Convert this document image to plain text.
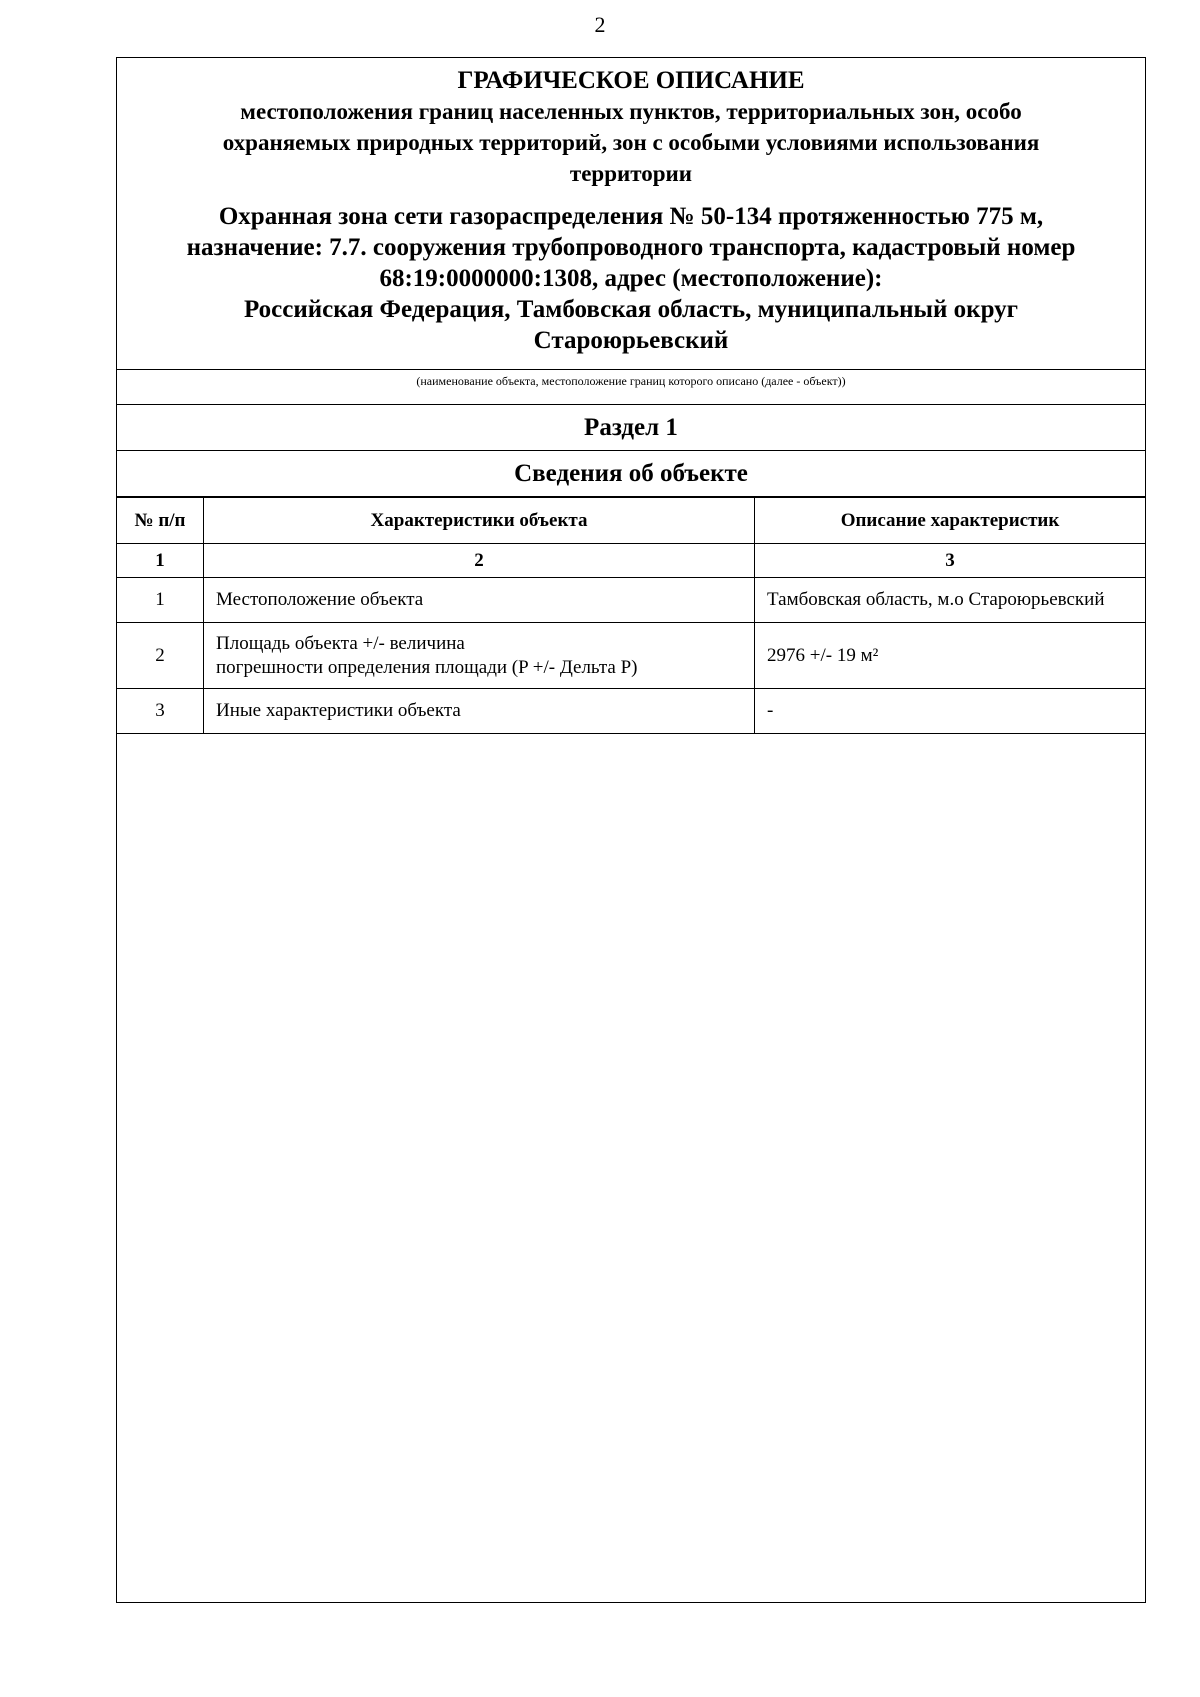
2
ГРАФИЧЕСКОЕ ОПИСАНИЕ
местоположения границ населенных пунктов, территориальных зон, особо
охраняемых природных территорий, зон с особыми условиями использования
территории
Охранная зона сети газораспределения № 50-134 протяженностью 775 м,
назначение: 7.7. сооружения трубопроводного транспорта, кадастровый номер
68:19:0000000:1308, адрес (местоположение):
Российская Федерация, Тамбовская область, муниципальный округ
Староюрьевский
(наименование объекта, местоположение границ которого описано (далее - объект))
Раздел 1
Сведения об объекте
№ п/п	Характеристики объекта	Описание характеристик
1	2	3
1	Местоположение объекта	Тамбовская область, м.о Староюрьевский
2	Площадь объекта +/- величина
погрешности определения площади (P +/- Дельта P)	2976 +/- 19 м²
3	Иные характеристики объекта	-
